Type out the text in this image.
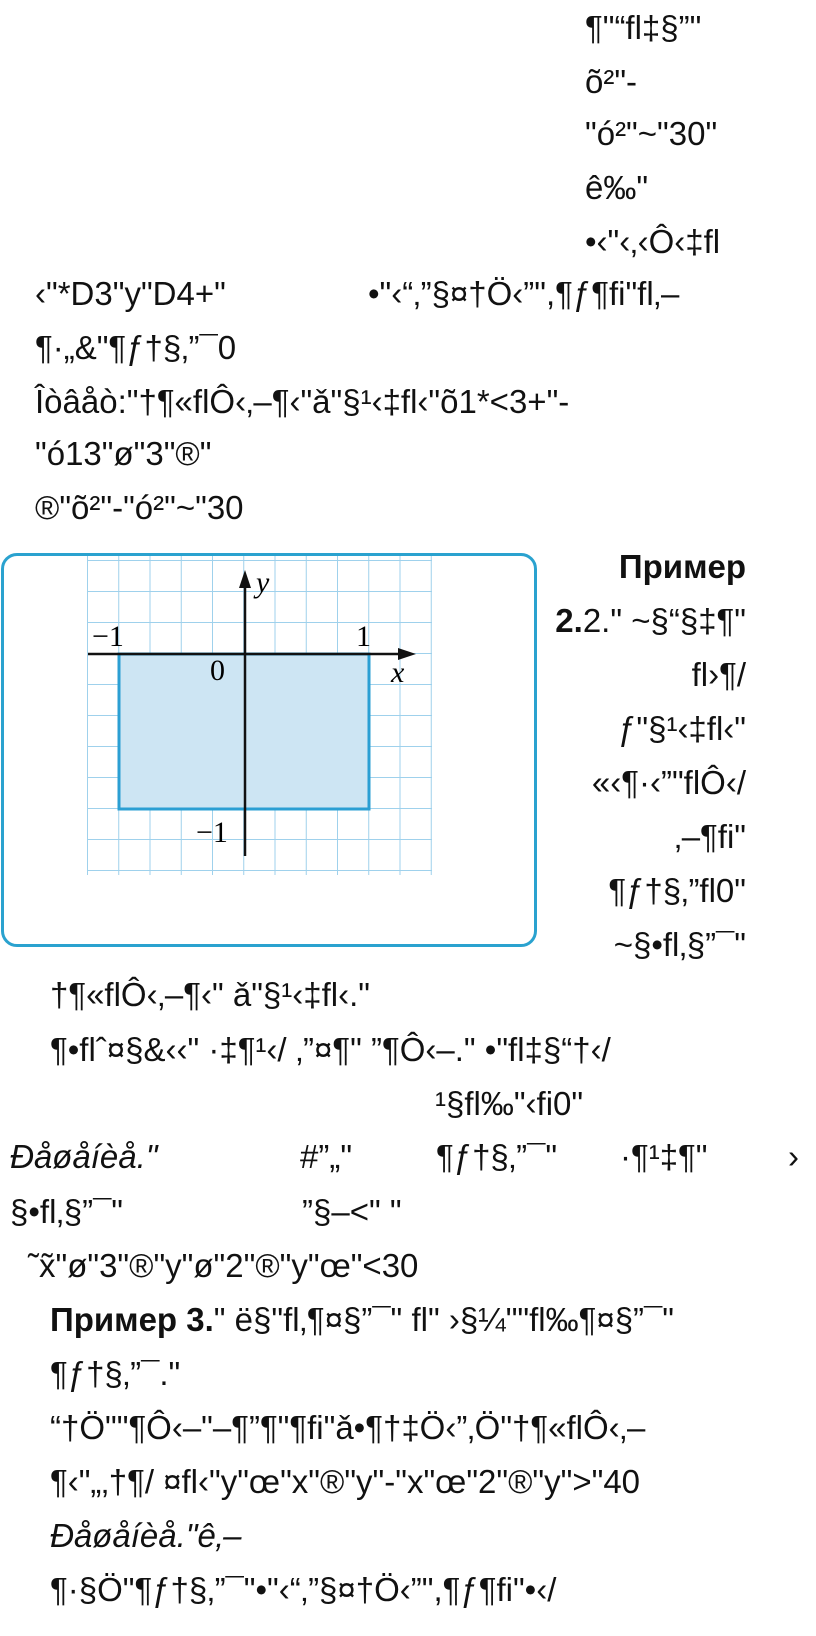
¶"“fl‡§”"
õ²"-
"ó²"~"30"
ê‰"
•‹"‹‚‹Ô‹‡fl
‹"*D3"y"D4+"	•"‹“‚”§¤†Ö‹”",¶ƒ¶fi"fl‚–
¶·„&"¶ƒ†§‚”¯0
Îòâåò:"†¶«flÔ‹‚–¶‹"ǎ"§¹‹‡fl‹"õ1*<3+"-
"ó13"ø"3"®"
®"õ²"-"ó²"~"30
y
x
0
−1	1
−1
Пример
2.2." ~§“§‡¶"
fl›¶/
ƒ"§¹‹‡fl‹"
«‹¶·‹”"flÔ‹/
‚–¶fi"
¶ƒ†§‚”fl0"
~§•fl‚§”¯"
†¶«flÔ‹‚–¶‹" ǎ"§¹‹‡fl‹."
¶•flˆ¤§&‹‹" ·‡¶¹‹/ ‚”¤¶" ”¶Ô‹–." •"fl‡§“†‹/
¹§fl‰"‹fi0"
Ðåøåíèå."	#”„"	¶ƒ†§‚”¯" ·¶¹‡¶" ›
§•fl‚§”¯"	”§–<" "
˜x̃"ø"3"®"y"ø"2"®"y"œ"<30
Пример 3." ë§"fl‚¶¤§”¯" fl" ›§¼""fl‰¶¤§”¯"
¶ƒ†§‚”¯."
“†Ö""¶Ô‹–"–¶”¶"¶fi"ǎ•¶†‡Ö‹”‚Ö"†¶«flÔ‹‚–
¶‹"„‚†¶/ ¤fl‹"y"œ"x"®"y"-"x"œ"2"®"y">"40
Ðåøåíèå."ê‚–
¶·§Ö"¶ƒ†§‚”¯"•"‹“‚”§¤†Ö‹”",¶ƒ¶fi"•‹/
